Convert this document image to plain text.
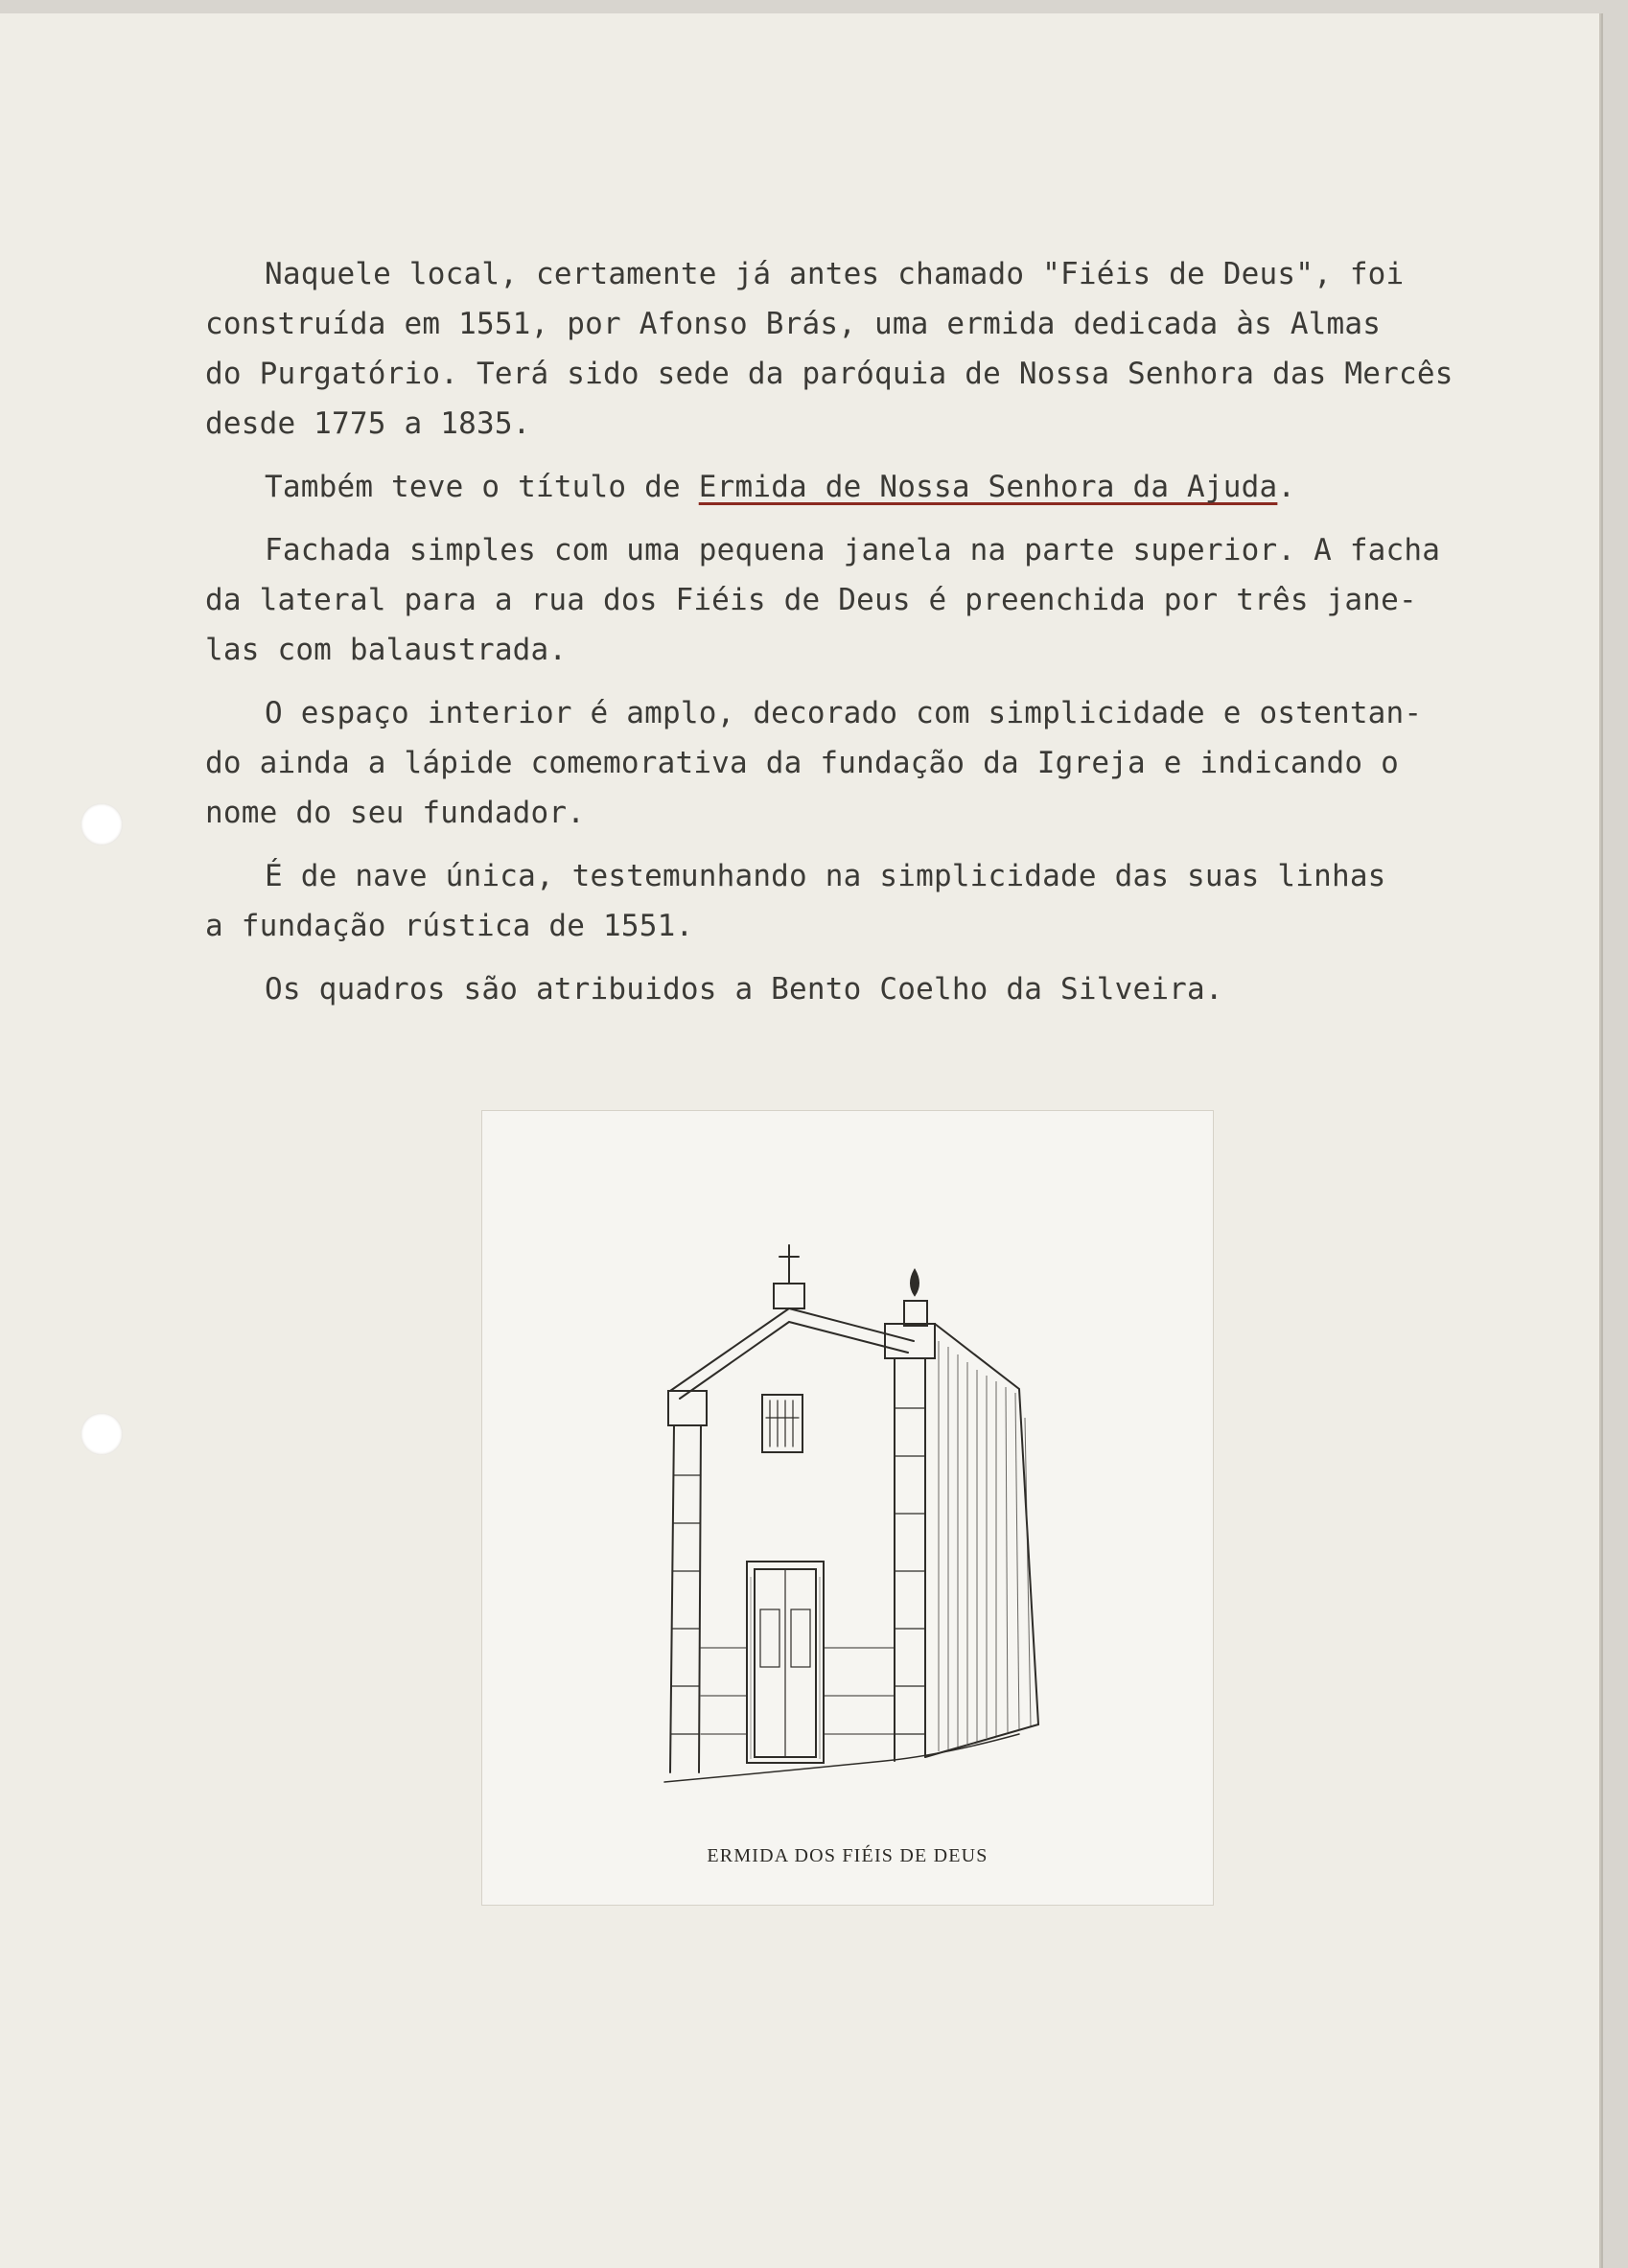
Naquele local, certamente já antes chamado "Fiéis de Deus", foi
construída em 1551, por Afonso Brás, uma ermida dedicada às Almas
do Purgatório. Terá sido sede da paróquia de Nossa Senhora das Mercês
desde 1775 a 1835.

Também teve o título de Ermida de Nossa Senhora da Ajuda.

Fachada simples com uma pequena janela na parte superior. A facha
da lateral para a rua dos Fiéis de Deus é preenchida por três jane-
las com balaustrada.

O espaço interior é amplo, decorado com simplicidade e ostentan-
do ainda a lápide comemorativa da fundação da Igreja e indicando o
nome do seu fundador.

É de nave única, testemunhando na simplicidade das suas linhas
a fundação rústica de 1551.

Os quadros são atribuidos a Bento Coelho da Silveira.

ERMIDA DOS FIÉIS DE DEUS
